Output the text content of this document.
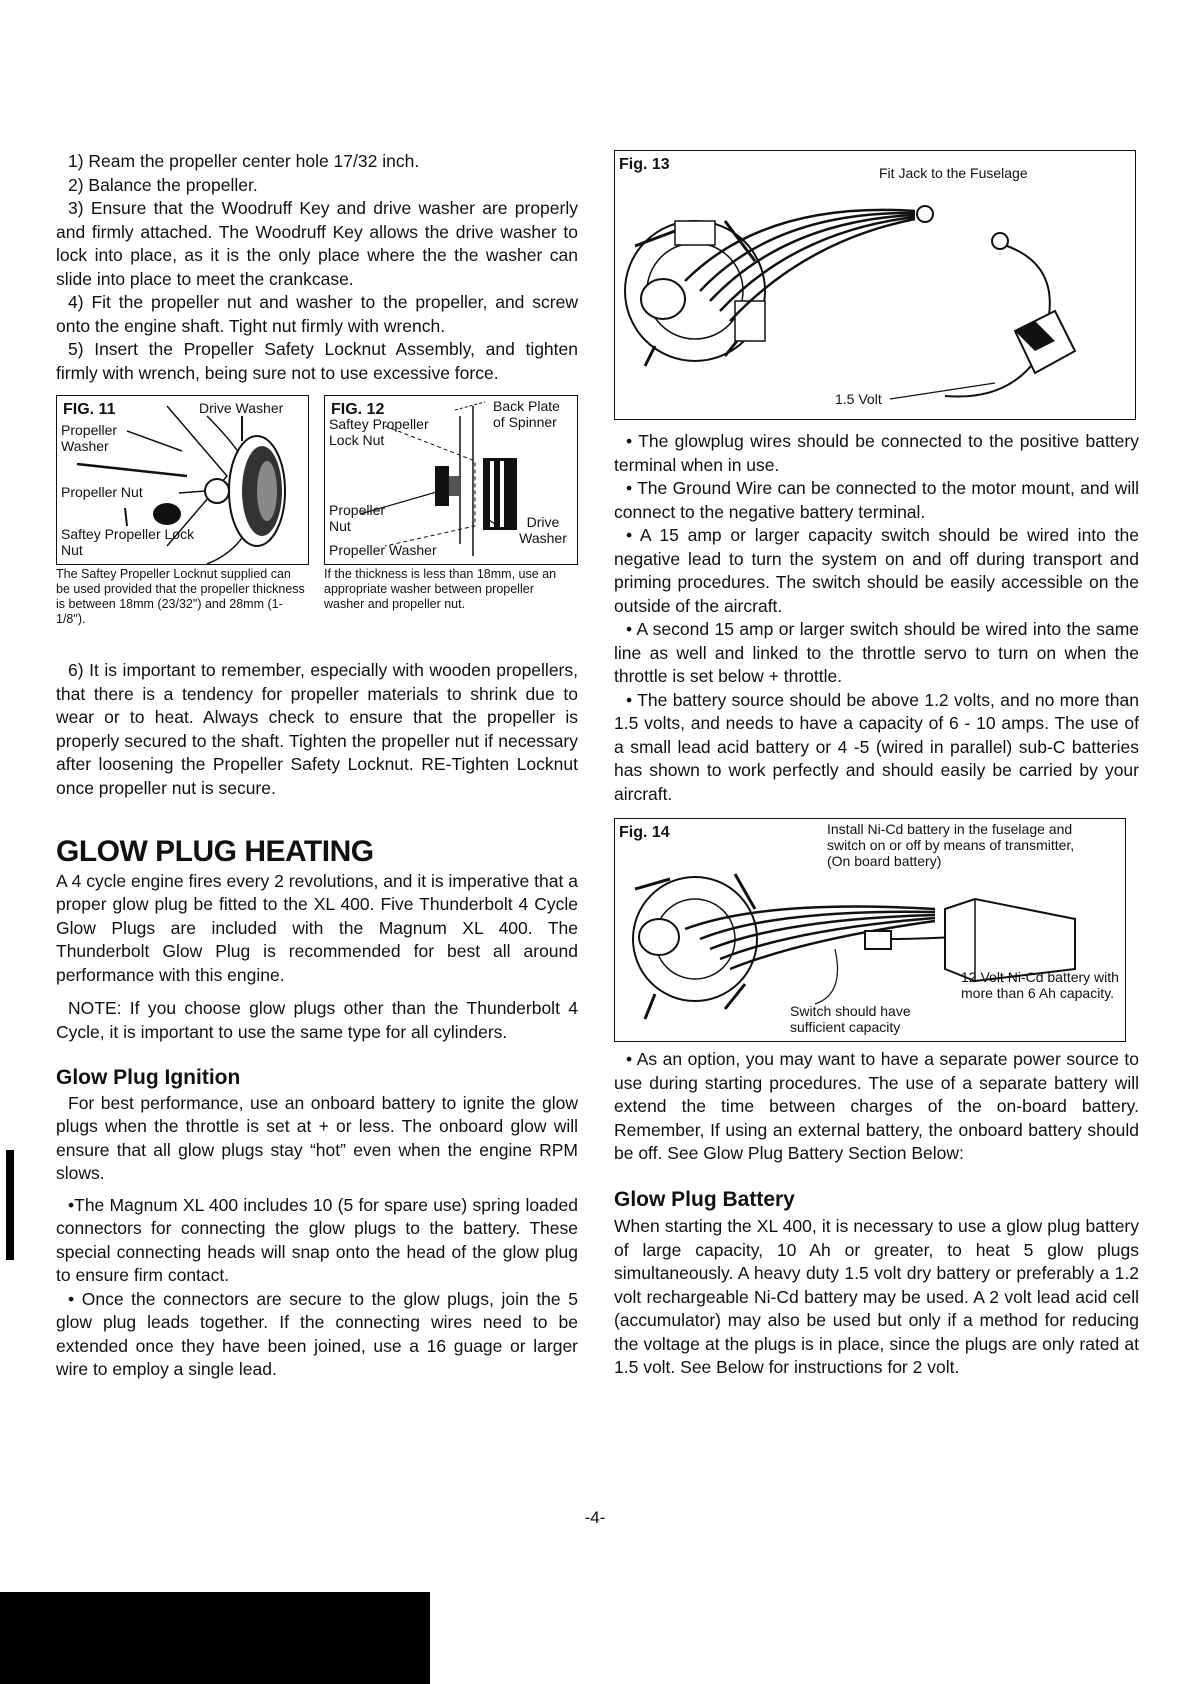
1) Ream the propeller center hole 17/32 inch.

2) Balance the propeller.

3) Ensure that the Woodruff Key and drive washer are properly and firmly attached. The Woodruff Key allows the drive washer to lock into place, as it is the only place where the the washer can slide into place to meet the crankcase.

4) Fit the propeller nut and washer to the propeller, and screw onto the engine shaft. Tight nut firmly with wrench.

5) Insert the Propeller Safety Locknut Assembly, and tighten firmly with wrench, being sure not to use excessive force.

FIG. 11	Drive Washer
Propeller Washer
Propeller Nut
Saftey Propeller Lock Nut
FIG. 12
Saftey Propeller Lock Nut
Back Plate of Spinner
Propeller Nut	Drive Washer
Propeller Washer
The Saftey Propeller Locknut supplied can be used provided that the propeller thickness is between 18mm (23/32") and 28mm (1-1/8").
If the thickness is less than 18mm, use an appropriate washer between propeller washer and propeller nut.

6) It is important to remember, especially with wooden propellers, that there is a tendency for propeller materials to shrink due to wear or to heat. Always check to ensure that the propeller is properly secured to the shaft. Tighten the propeller nut if necessary after loosening the Propeller Safety Locknut. RE-Tighten Locknut once propeller nut is secure.

GLOW PLUG HEATING

A 4 cycle engine fires every 2 revolutions, and it is imperative that a proper glow plug be fitted to the XL 400. Five Thunderbolt 4 Cycle Glow Plugs are included with the Magnum XL 400. The Thunderbolt Glow Plug is recommended for best all around performance with this engine.

NOTE: If you choose glow plugs other than the Thunderbolt 4 Cycle, it is important to use the same type for all cylinders.

Glow Plug Ignition

For best performance, use an onboard battery to ignite the glow plugs when the throttle is set at + or less. The onboard glow will ensure that all glow plugs stay “hot” even when the engine RPM slows.

•The Magnum XL 400 includes 10 (5 for spare use) spring loaded connectors for connecting the glow plugs to the battery. These special connecting heads will snap onto the head of the glow plug to ensure firm contact.

• Once the connectors are secure to the glow plugs, join the 5 glow plug leads together. If the connecting wires need to be extended once they have been joined, use a 16 guage or larger wire to employ a single lead.

Fig. 13	Fit Jack to the Fuselage
1.5 Volt

• The glowplug wires should be connected to the positive battery terminal when in use.

• The Ground Wire can be connected to the motor mount, and will connect to the negative battery terminal.

• A 15 amp or larger capacity switch should be wired into the negative lead to turn the system on and off during transport and priming procedures. The switch should be easily accessible on the outside of the aircraft.

• A second 15 amp or larger switch should be wired into the same line as well and linked to the throttle servo to turn on when the throttle is set below + throttle.

• The battery source should be above 1.2 volts, and no more than 1.5 volts, and needs to have a capacity of 6 - 10 amps. The use of a small lead acid battery or 4 -5 (wired in parallel) sub-C batteries has shown to work perfectly and should easily be carried by your aircraft.

Fig. 14	Install Ni-Cd battery in the fuselage and switch on or off by means of transmitter, (On board battery)
12 Volt Ni-Cd battery with more than 6 Ah capacity.
Switch should have sufficient capacity

• As an option, you may want to have a separate power source to use during starting procedures. The use of a separate battery will extend the time between charges of the on-board battery. Remember, If using an external battery, the onboard battery should be off. See Glow Plug Battery Section Below:

Glow Plug Battery

When starting the XL 400, it is necessary to use a glow plug battery of large capacity, 10 Ah or greater, to heat 5 glow plugs simultaneously. A heavy duty 1.5 volt dry battery or preferably a 1.2 volt rechargeable Ni-Cd battery may be used. A 2 volt lead acid cell (accumulator) may also be used but only if a method for reducing the voltage at the plugs is in place, since the plugs are only rated at 1.5 volt. See Below for instructions for 2 volt.

-4-
